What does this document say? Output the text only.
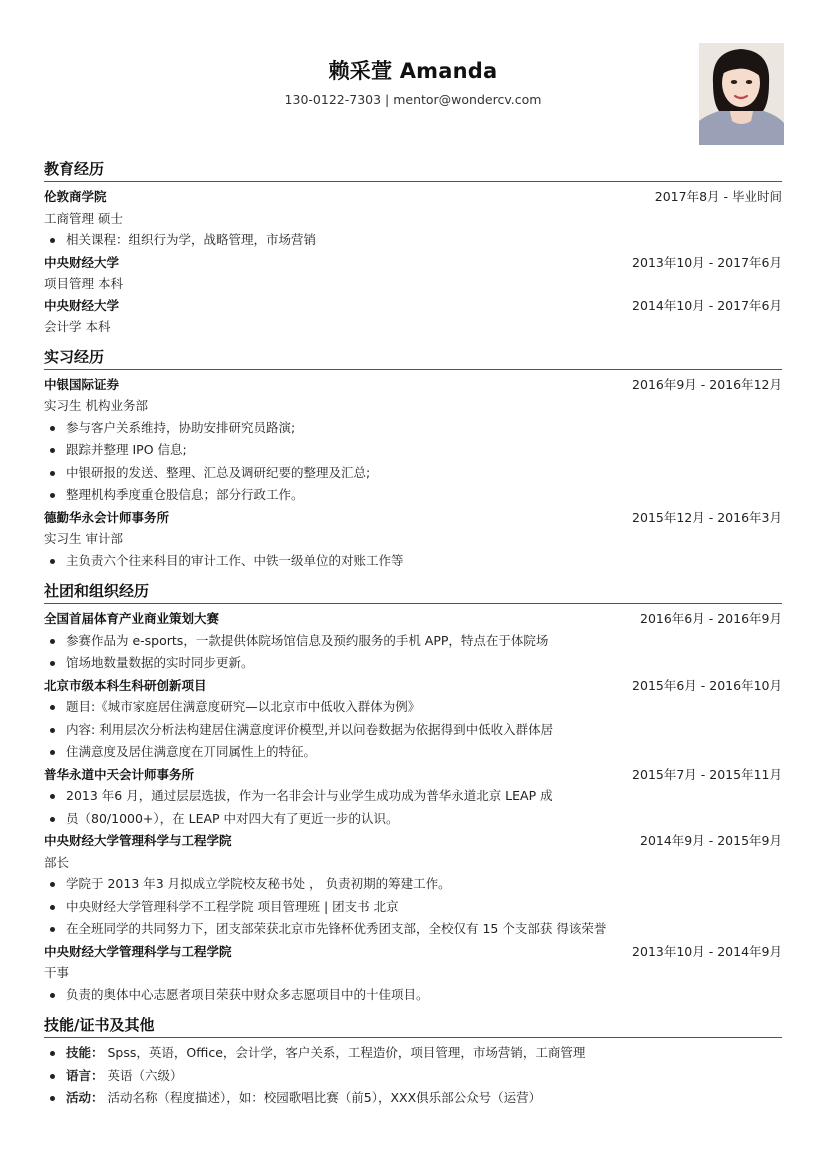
赖采萱 Amanda
130-0122-7303 | mentor@wondercv.com
教育经历
伦敦商学院	2017年8月 - 毕业时间
工商管理 硕士
相关课程：组织行为学，战略管理，市场营销
中央财经大学	2013年10月 - 2017年6月
项目管理 本科
中央财经大学	2014年10月 - 2017年6月
会计学 本科
实习经历
中银国际证券	2016年9月 - 2016年12月
实习生 机构业务部
参与客户关系维持，协助安排研究员路演;
跟踪并整理 IPO 信息;
中银研报的发送、整理、汇总及调研纪要的整理及汇总;
整理机构季度重仓股信息；部分行政工作。
德勤华永会计师事务所	2015年12月 - 2016年3月
实习生 审计部
主负责六个往来科目的审计工作、中铁一级单位的对账工作等
社团和组织经历
全国首届体育产业商业策划大赛	2016年6月 - 2016年9月
参赛作品为 e-sports，一款提供体院场馆信息及预约服务的手机 APP，特点在于体院场
馆场地数量数据的实时同步更新。
北京市级本科生科研创新项目	2015年6月 - 2016年10月
题目:《城市家庭居住满意度研究—以北京市中低收入群体为例》
内容: 利用层次分析法构建居住满意度评价模型,并以问卷数据为依据得到中低收入群体居
住满意度及居住满意度在丌同属性上的特征。
普华永道中天会计师事务所	2015年7月 - 2015年11月
2013 年6 月，通过层层选拔，作为一名非会计与业学生成功成为普华永道北京 LEAP 成
员（80/1000+），在 LEAP 中对四大有了更近一步的认识。
中央财经大学管理科学与工程学院	2014年9月 - 2015年9月
部长
学院于 2013 年3 月拟成立学院校友秘书处 ， 负责初期的筹建工作。
中央财经大学管理科学不工程学院 项目管理班 | 团支书 北京
在全班同学的共同努力下，团支部荣获北京市先锋杯优秀团支部，全校仅有 15 个支部获 得该荣誉
中央财经大学管理科学与工程学院	2013年10月 - 2014年9月
干事
负责的奥体中心志愿者项目荣获中财众多志愿项目中的十佳项目。
技能/证书及其他
技能： Spss，英语，Office，会计学，客户关系，工程造价，项目管理，市场营销，工商管理
语言： 英语（六级）
活动： 活动名称（程度描述），如：校园歌唱比赛（前5），XXX俱乐部公众号（运营）
